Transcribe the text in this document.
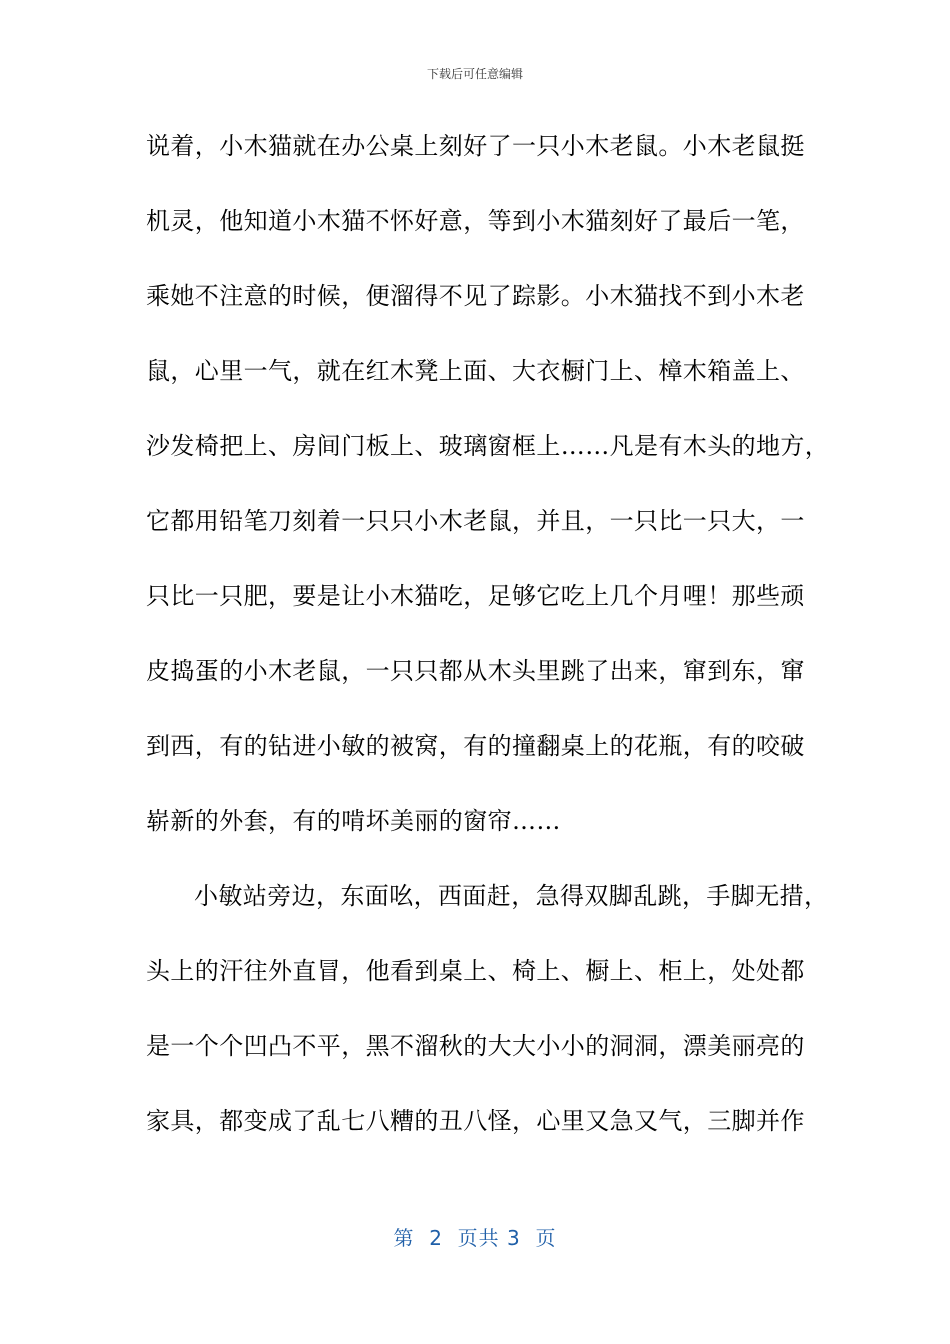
下载后可任意编辑
说着，小木猫就在办公桌上刻好了一只小木老鼠。小木老鼠挺
机灵，他知道小木猫不怀好意，等到小木猫刻好了最后一笔，
乘她不注意的时候，便溜得不见了踪影。小木猫找不到小木老
鼠，心里一气，就在红木凳上面、大衣橱门上、樟木箱盖上、
沙发椅把上、房间门板上、玻璃窗框上……凡是有木头的地方，
它都用铅笔刀刻着一只只小木老鼠，并且，一只比一只大，一
只比一只肥，要是让小木猫吃，足够它吃上几个月哩！那些顽
皮捣蛋的小木老鼠，一只只都从木头里跳了出来，窜到东，窜
到西，有的钻进小敏的被窝，有的撞翻桌上的花瓶，有的咬破
崭新的外套，有的啃坏美丽的窗帘……
小敏站旁边，东面吆，西面赶，急得双脚乱跳，手脚无措，
头上的汗往外直冒，他看到桌上、椅上、橱上、柜上，处处都
是一个个凹凸不平，黑不溜秋的大大小小的洞洞，漂美丽亮的
家具，都变成了乱七八糟的丑八怪，心里又急又气，三脚并作
第  2  页共 3  页
